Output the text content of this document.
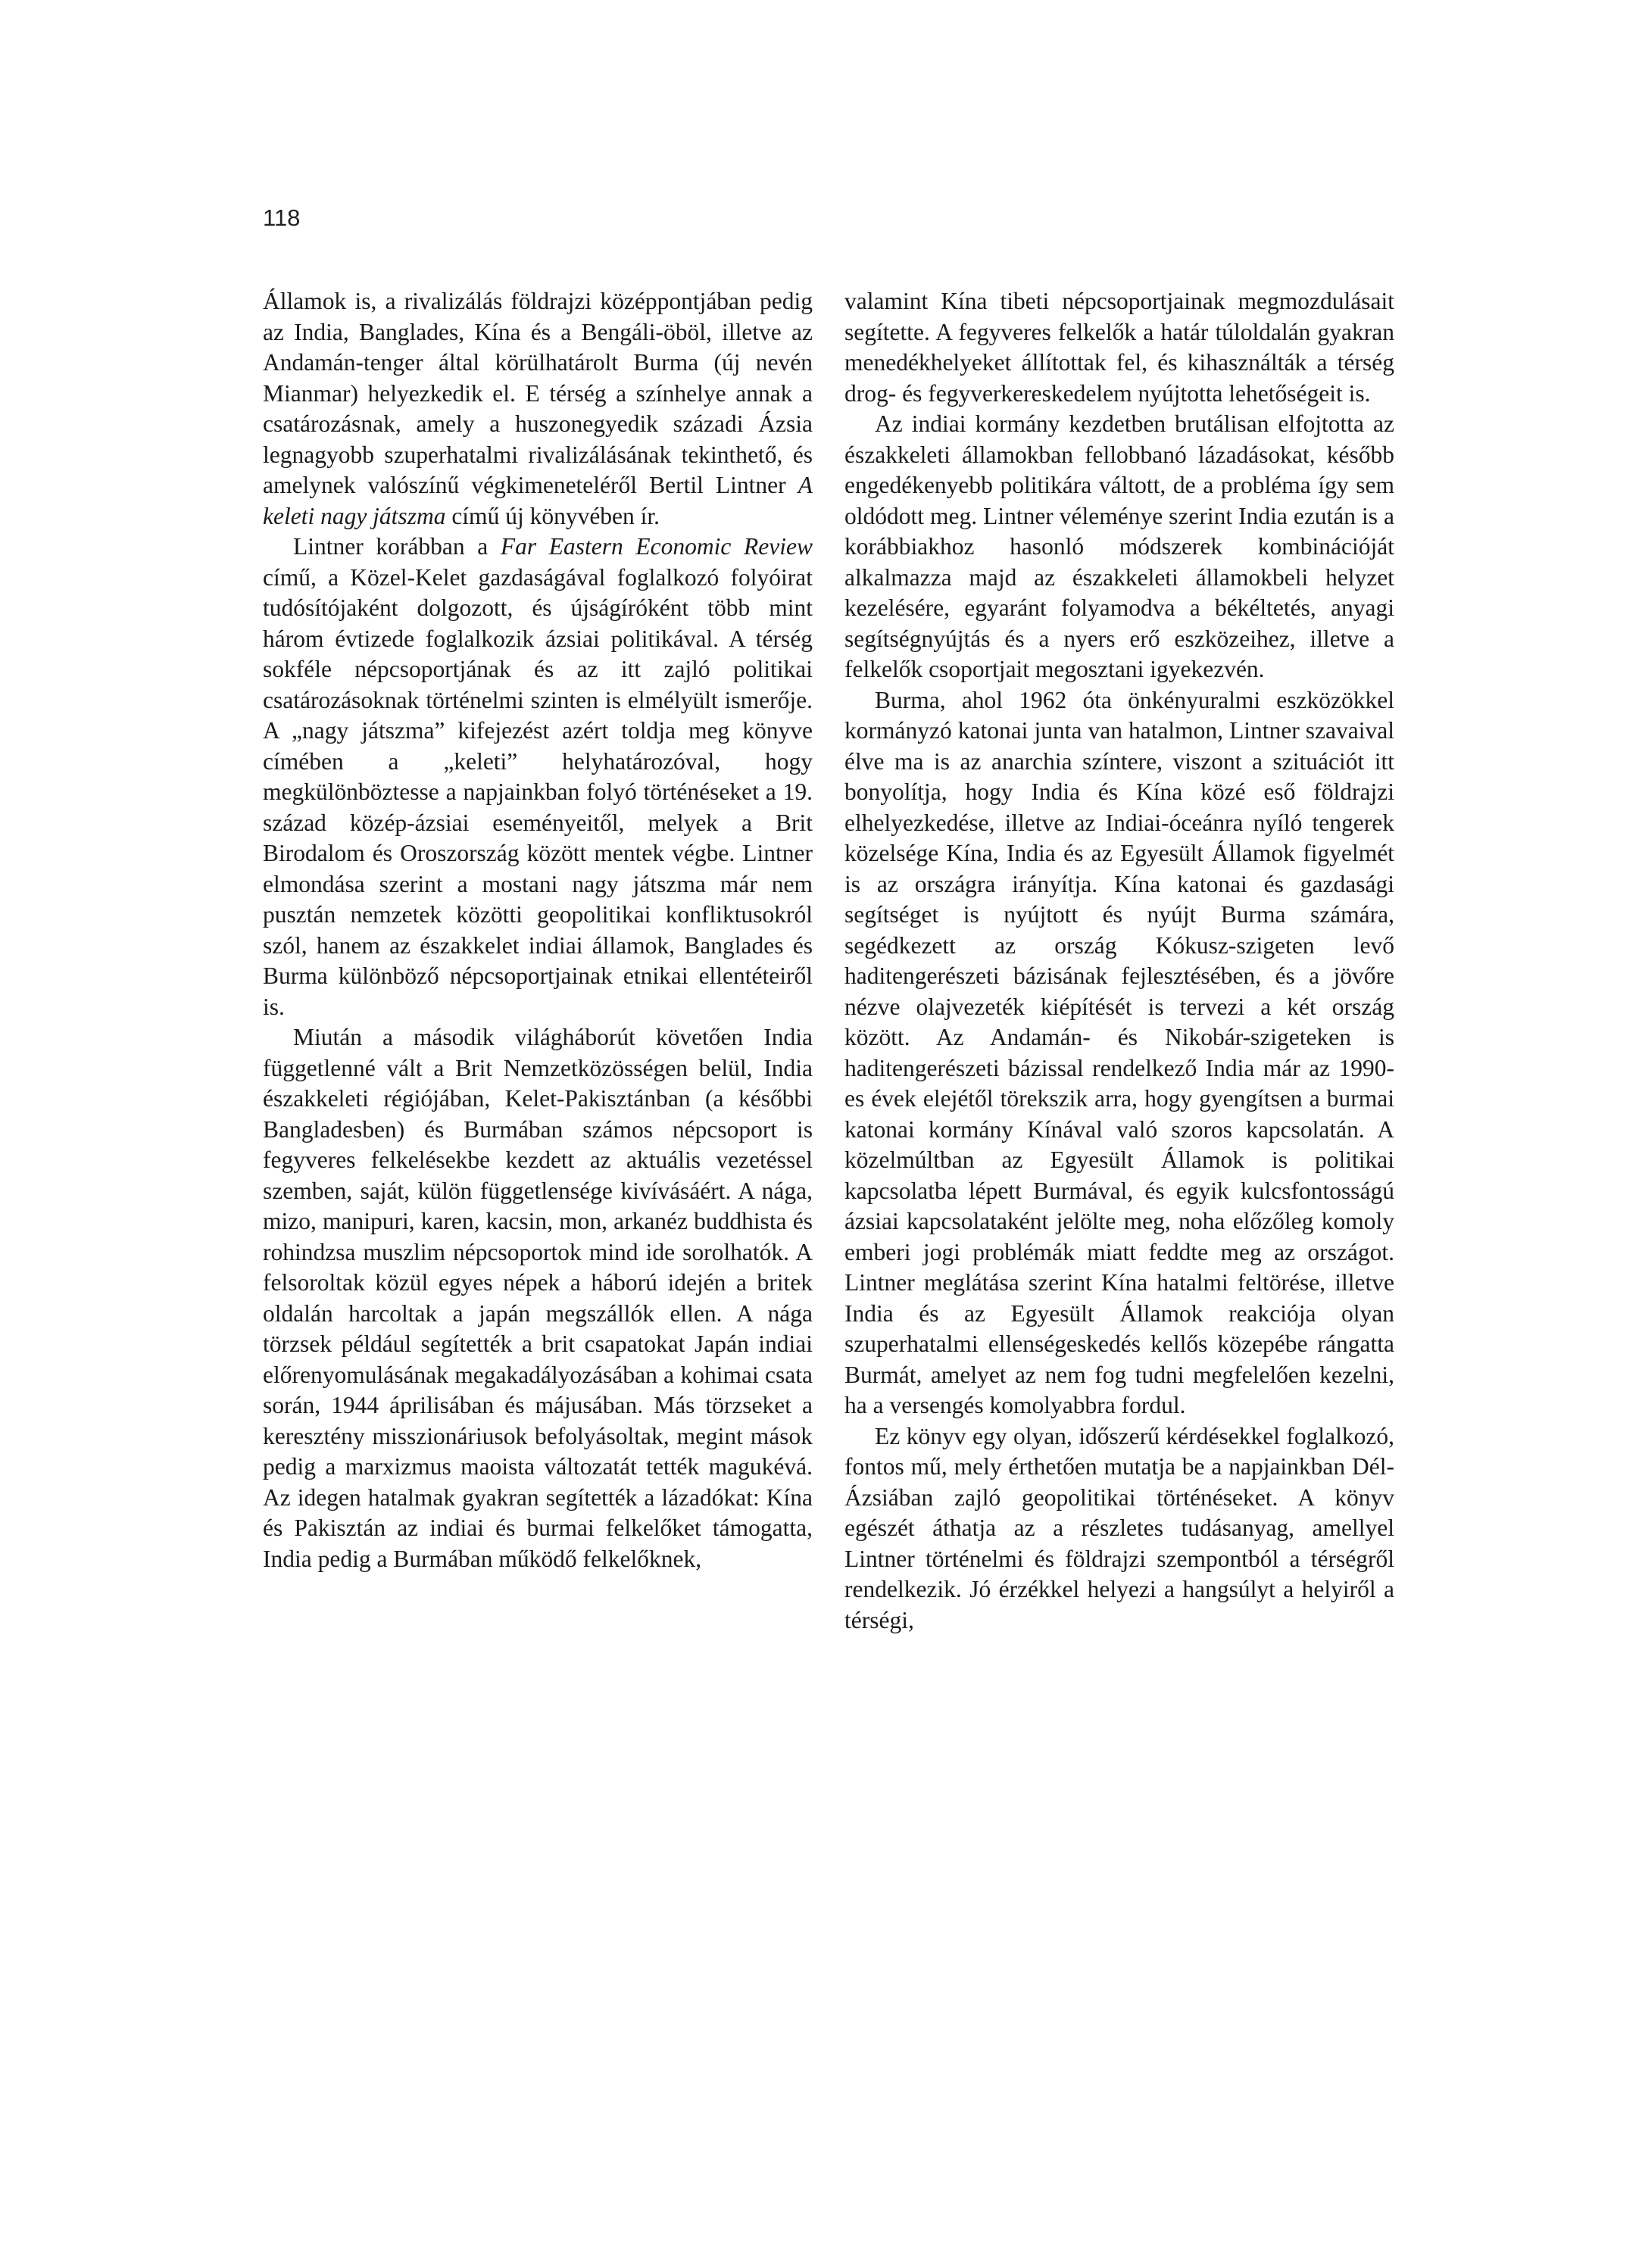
118

Államok is, a rivalizálás földrajzi középpontjában pedig az India, Banglades, Kína és a Bengáli-öböl, illetve az Andamán-tenger által körülhatárolt Burma (új nevén Mianmar) helyezkedik el. E térség a színhelye annak a csatározásnak, amely a huszonegyedik századi Ázsia legnagyobb szuperhatalmi rivalizálásának tekinthető, és amelynek valószínű végkimeneteléről Bertil Lintner A keleti nagy játszma című új könyvében ír.

Lintner korábban a Far Eastern Economic Review című, a Közel-Kelet gazdaságával foglalkozó folyóirat tudósítójaként dolgozott, és újságíróként több mint három évtizede foglalkozik ázsiai politikával. A térség sokféle népcsoportjának és az itt zajló politikai csatározásoknak történelmi szinten is elmélyült ismerője. A „nagy játszma” kifejezést azért toldja meg könyve címében a „keleti” helyhatározóval, hogy megkülönböztesse a napjainkban folyó történéseket a 19. század közép-ázsiai eseményeitől, melyek a Brit Birodalom és Oroszország között mentek végbe. Lintner elmondása szerint a mostani nagy játszma már nem pusztán nemzetek közötti geopolitikai konfliktusokról szól, hanem az északkelet indiai államok, Banglades és Burma különböző népcsoportjainak etnikai ellentéteiről is.

Miután a második világháborút követően India függetlenné vált a Brit Nemzetközösségen belül, India északkeleti régiójában, Kelet-Pakisztánban (a későbbi Bangladesben) és Burmában számos népcsoport is fegyveres felkelésekbe kezdett az aktuális vezetéssel szemben, saját, külön függetlensége kivívásáért. A nága, mizo, manipuri, karen, kacsin, mon, arkanéz buddhista és rohindzsa muszlim népcsoportok mind ide sorolhatók. A felsoroltak közül egyes népek a háború idején a britek oldalán harcoltak a japán megszállók ellen. A nága törzsek például segítették a brit csapatokat Japán indiai előrenyomulásának megakadályozásában a kohimai csata során, 1944 áprilisában és májusában. Más törzseket a keresztény misszionáriusok befolyásoltak, megint mások pedig a marxizmus maoista változatát tették magukévá. Az idegen hatalmak gyakran segítették a lázadókat: Kína és Pakisztán az indiai és burmai felkelőket támogatta, India pedig a Burmában működő felkelőknek,

valamint Kína tibeti népcsoportjainak megmozdulásait segítette. A fegyveres felkelők a határ túloldalán gyakran menedékhelyeket állítottak fel, és kihasználták a térség drog- és fegyverkereskedelem nyújtotta lehetőségeit is.

Az indiai kormány kezdetben brutálisan elfojtotta az északkeleti államokban fellobbanó lázadásokat, később engedékenyebb politikára váltott, de a probléma így sem oldódott meg. Lintner véleménye szerint India ezután is a korábbiakhoz hasonló módszerek kombinációját alkalmazza majd az északkeleti államokbeli helyzet kezelésére, egyaránt folyamodva a békéltetés, anyagi segítségnyújtás és a nyers erő eszközeihez, illetve a felkelők csoportjait megosztani igyekezvén.

Burma, ahol 1962 óta önkényuralmi eszközökkel kormányzó katonai junta van hatalmon, Lintner szavaival élve ma is az anarchia színtere, viszont a szituációt itt bonyolítja, hogy India és Kína közé eső földrajzi elhelyezkedése, illetve az Indiai-óceánra nyíló tengerek közelsége Kína, India és az Egyesült Államok figyelmét is az országra irányítja. Kína katonai és gazdasági segítséget is nyújtott és nyújt Burma számára, segédkezett az ország Kókusz-szigeten levő haditengerészeti bázisának fejlesztésében, és a jövőre nézve olajvezeték kiépítését is tervezi a két ország között. Az Andamán- és Nikobár-szigeteken is haditengerészeti bázissal rendelkező India már az 1990-es évek elejétől törekszik arra, hogy gyengítsen a burmai katonai kormány Kínával való szoros kapcsolatán. A közelmúltban az Egyesült Államok is politikai kapcsolatba lépett Burmával, és egyik kulcsfontosságú ázsiai kapcsolataként jelölte meg, noha előzőleg komoly emberi jogi problémák miatt feddte meg az országot. Lintner meglátása szerint Kína hatalmi feltörése, illetve India és az Egyesült Államok reakciója olyan szuperhatalmi ellenségeskedés kellős közepébe rángatta Burmát, amelyet az nem fog tudni megfelelően kezelni, ha a versengés komolyabbra fordul.

Ez könyv egy olyan, időszerű kérdésekkel foglalkozó, fontos mű, mely érthetően mutatja be a napjainkban Dél-Ázsiában zajló geopolitikai történéseket. A könyv egészét áthatja az a részletes tudásanyag, amellyel Lintner történelmi és földrajzi szempontból a térségről rendelkezik. Jó érzékkel helyezi a hangsúlyt a helyiről a térségi,
